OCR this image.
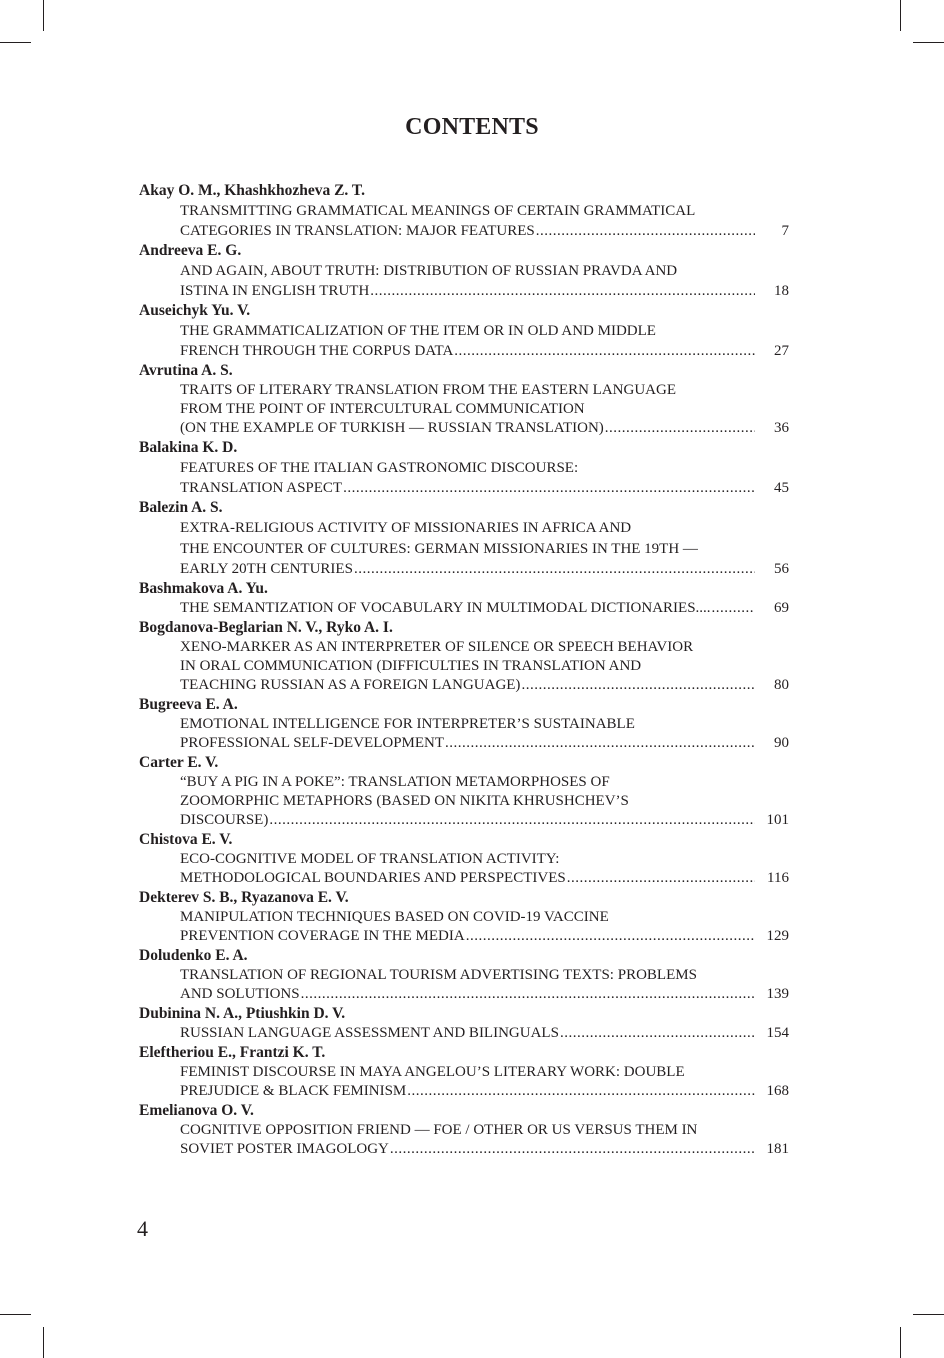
CONTENTS
Akay O. M., Khashkhozheva Z. T.
TRANSMITTING GRAMMATICAL MEANINGS OF CERTAIN GRAMMATICAL
CATEGORIES IN TRANSLATION: MAJOR FEATURES .....	7
Andreeva E. G.
AND AGAIN, ABOUT TRUTH: DISTRIBUTION OF RUSSIAN PRAVDA AND
ISTINA IN ENGLISH TRUTH .....	18
Auseichyk Yu. V.
THE GRAMMATICALIZATION OF THE ITEM OR IN OLD AND MIDDLE
FRENCH THROUGH THE CORPUS DATA .....	27
Avrutina A. S.
TRAITS OF LITERARY TRANSLATION FROM THE EASTERN LANGUAGE
FROM THE POINT OF INTERCULTURAL COMMUNICATION
(ON THE EXAMPLE OF TURKISH — RUSSIAN TRANSLATION) .....	36
Balakina K. D.
FEATURES OF THE ITALIAN GASTRONOMIC DISCOURSE:
TRANSLATION ASPECT .....	45
Balezin A. S.
EXTRA-RELIGIOUS ACTIVITY OF MISSIONARIES IN AFRICA AND
THE ENCOUNTER OF CULTURES: GERMAN MISSIONARIES IN THE 19TH —
EARLY 20TH CENTURIES .....	56
Bashmakova A. Yu.
THE SEMANTIZATION OF VOCABULARY IN MULTIMODAL DICTIONARIES.... .....	69
Bogdanova-Beglarian N. V., Ryko A. I.
XENO-MARKER AS AN INTERPRETER OF SILENCE OR SPEECH BEHAVIOR
IN ORAL COMMUNICATION (DIFFICULTIES IN TRANSLATION AND
TEACHING RUSSIAN AS A FOREIGN LANGUAGE) .....	80
Bugreeva E. A.
EMOTIONAL INTELLIGENCE FOR INTERPRETER’S SUSTAINABLE
PROFESSIONAL SELF-DEVELOPMENT .....	90
Carter E. V.
“BUY A PIG IN A POKE”: TRANSLATION METAMORPHOSES OF
ZOOMORPHIC METAPHORS (BASED ON NIKITA KHRUSHCHEV’S
DISCOURSE) .....	101
Chistova E. V.
ECO-COGNITIVE MODEL OF TRANSLATION ACTIVITY:
METHODOLOGICAL BOUNDARIES AND PERSPECTIVES .....	116
Dekterev S. B., Ryazanova E. V.
MANIPULATION TECHNIQUES BASED ON COVID-19 VACCINE
PREVENTION COVERAGE IN THE MEDIA .....	129
Doludenko E. A.
TRANSLATION OF REGIONAL TOURISM ADVERTISING TEXTS: PROBLEMS
AND SOLUTIONS .....	139
Dubinina N. A., Ptiushkin D. V.
RUSSIAN LANGUAGE ASSESSMENT AND BILINGUALS .....	154
Eleftheriou E., Frantzi K. T.
FEMINIST DISCOURSE IN MAYA ANGELOU’S LITERARY WORK: DOUBLE
PREJUDICE & BLACK FEMINISM .....	168
Emelianova O. V.
COGNITIVE OPPOSITION FRIEND — FOE / OTHER OR US VERSUS THEM IN
SOVIET POSTER IMAGOLOGY .....	181
4
